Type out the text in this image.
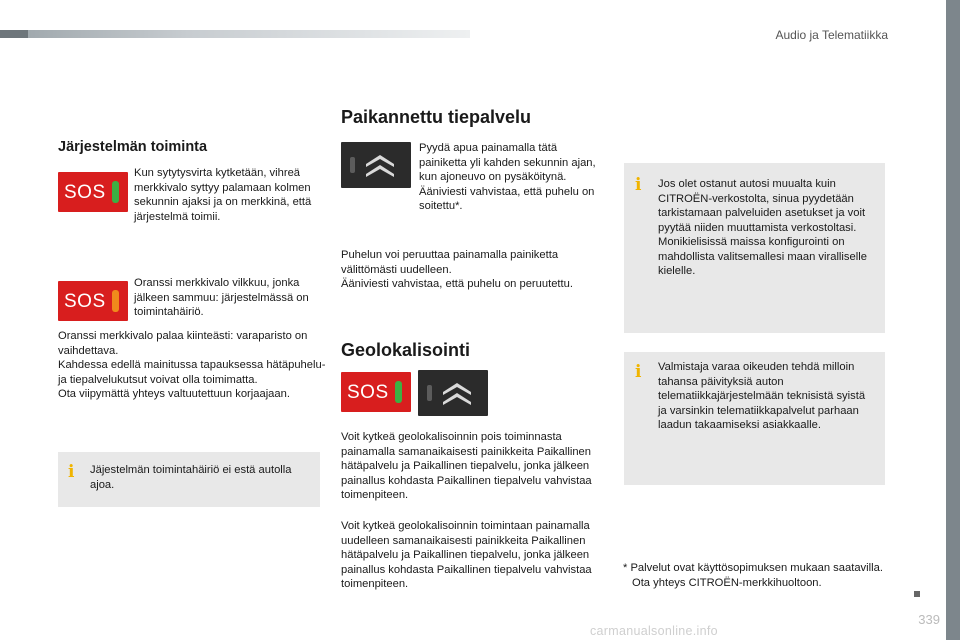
Audio ja Telematiikka
Järjestelmän toiminta
SOS
Kun sytytysvirta kytketään, vihreä merkkivalo syttyy palamaan kolmen sekunnin ajaksi ja on merkkinä, että järjestelmä toimii.
SOS
Oranssi merkkivalo vilkkuu, jonka jälkeen sammuu: järjestelmässä on toimintahäiriö.

Oranssi merkkivalo palaa kiinteästi: varaparisto on vaihdettava.

Kahdessa edellä mainitussa tapauksessa hätäpuhelu- ja tiepalvelukutsut voivat olla toimimatta.

Ota viipymättä yhteys valtuutettuun korjaajaan.

i Jäjestelmän toimintahäiriö ei estä autolla ajoa.
Paikannettu tiepalvelu

Pyydä apua painamalla tätä painiketta yli kahden sekunnin ajan, kun ajoneuvo on pysäköitynä.

Ääniviesti vahvistaa, että puhelu on soitettu*.

Puhelun voi peruuttaa painamalla painiketta välittömästi uudelleen.

Ääniviesti vahvistaa, että puhelu on peruutettu.

Geolokalisointi
SOS
Voit kytkeä geolokalisoinnin pois toiminnasta painamalla samanaikaisesti painikkeita Paikallinen hätäpalvelu ja Paikallinen tiepalvelu, jonka jälkeen painallus kohdasta Paikallinen tiepalvelu vahvistaa toimenpiteen.
Voit kytkeä geolokalisoinnin toimintaan painamalla uudelleen samanaikaisesti painikkeita Paikallinen hätäpalvelu ja Paikallinen tiepalvelu, jonka jälkeen painallus kohdasta Paikallinen tiepalvelu vahvistaa toimenpiteen.
i Jos olet ostanut autosi muualta kuin CITROËN-verkostolta, sinua pyydetään tarkistamaan palveluiden asetukset ja voit pyytää niiden muuttamista verkostoltasi.

Monikielisissä maissa konfigurointi on mahdollista valitsemallesi maan viralliselle kielelle.

i Valmistaja varaa oikeuden tehdä milloin tahansa päivityksiä auton telematiikkajärjestelmään teknisistä syistä ja varsinkin telematiikkapalvelut parhaan laadun takaamiseksi asiakkaalle.

* Palvelut ovat käyttösopimuksen mukaan saatavilla.

Ota yhteys CITROËN-merkkihuoltoon.

339
carmanualsonline.info
